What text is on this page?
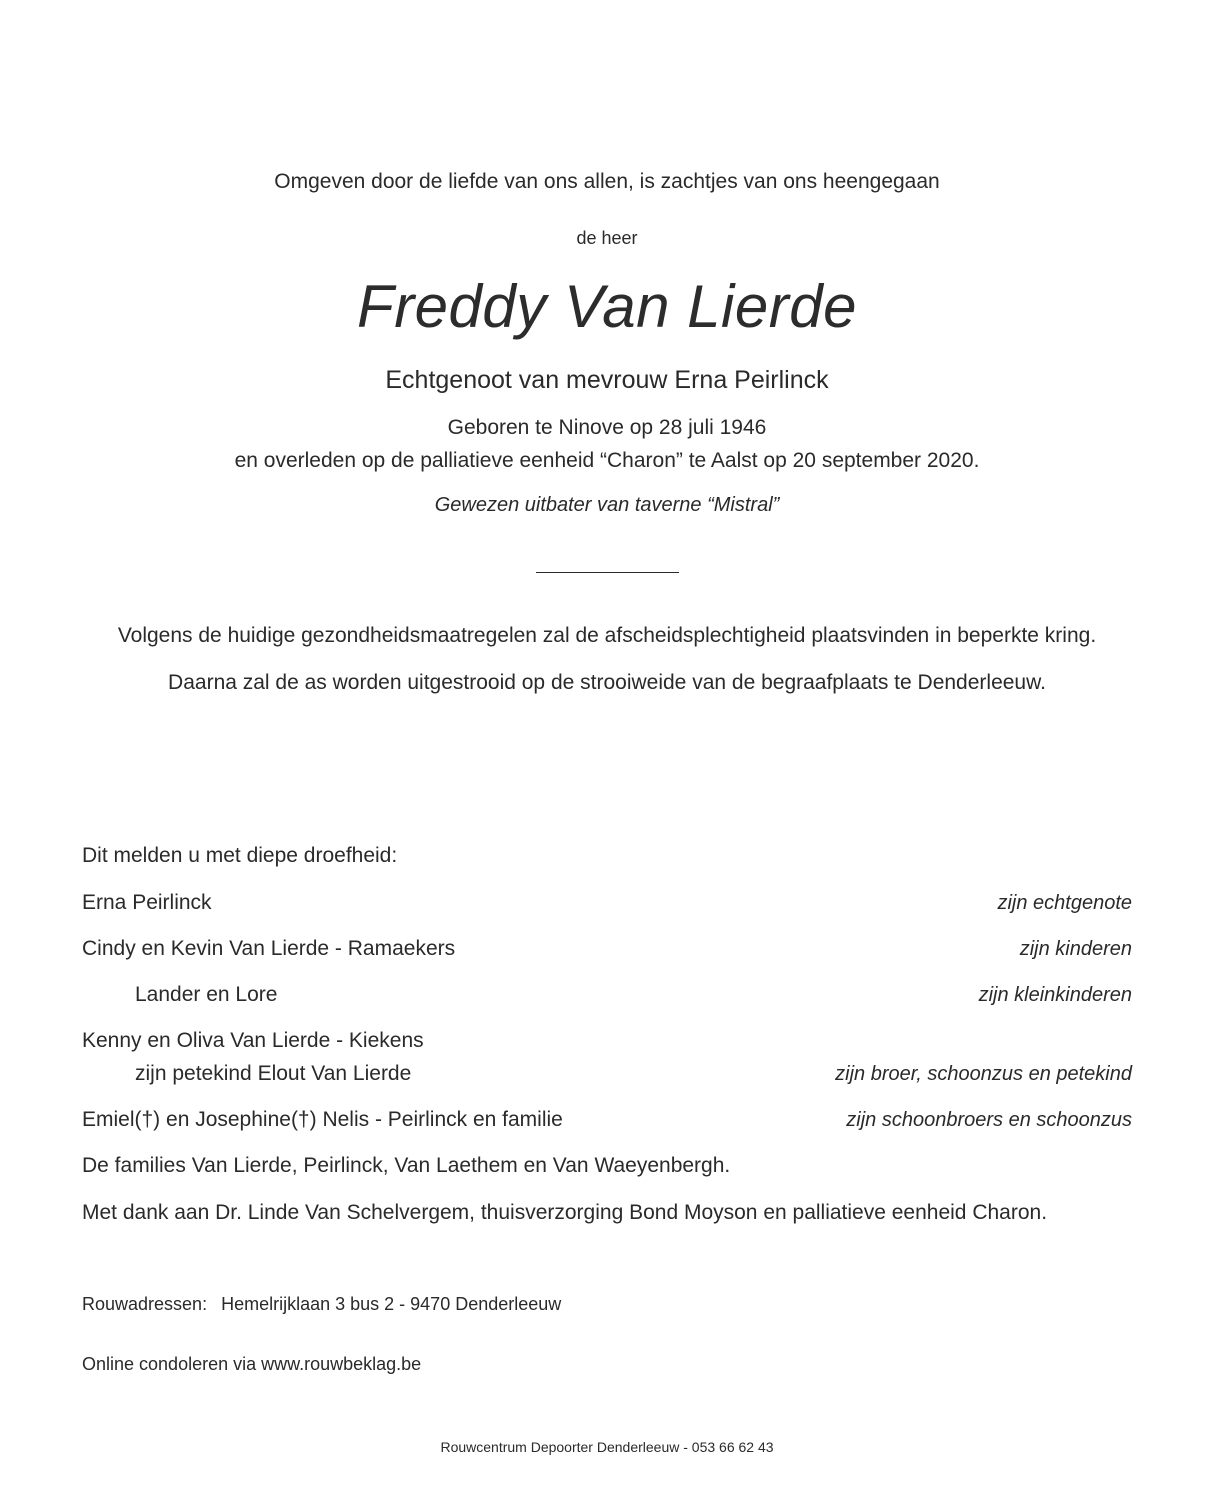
Omgeven door de liefde van ons allen, is zachtjes van ons heengegaan
de heer
Freddy Van Lierde
Echtgenoot van mevrouw Erna Peirlinck
Geboren te Ninove op 28 juli 1946
en overleden op de palliatieve eenheid “Charon” te Aalst op 20 september 2020.
Gewezen uitbater van taverne “Mistral”
Volgens de huidige gezondheidsmaatregelen zal de afscheidsplechtigheid plaatsvinden in beperkte kring.
Daarna zal de as worden uitgestrooid op de strooiweide van de begraafplaats te Denderleeuw.
Dit melden u met diepe droefheid:
Erna Peirlinck	zijn echtgenote
Cindy en Kevin Van Lierde - Ramaekers	zijn kinderen
Lander en Lore	zijn kleinkinderen
Kenny en Oliva Van Lierde - Kiekens
zijn petekind Elout Van Lierde	zijn broer, schoonzus en petekind
Emiel(†) en Josephine(†) Nelis - Peirlinck en familie	zijn schoonbroers en schoonzus
De families Van Lierde, Peirlinck, Van Laethem en Van Waeyenbergh.
Met dank aan Dr. Linde Van Schelvergem, thuisverzorging Bond Moyson en palliatieve eenheid Charon.
Rouwadressen: Hemelrijklaan 3 bus 2 - 9470 Denderleeuw
Online condoleren via www.rouwbeklag.be
Rouwcentrum Depoorter Denderleeuw - 053 66 62 43
